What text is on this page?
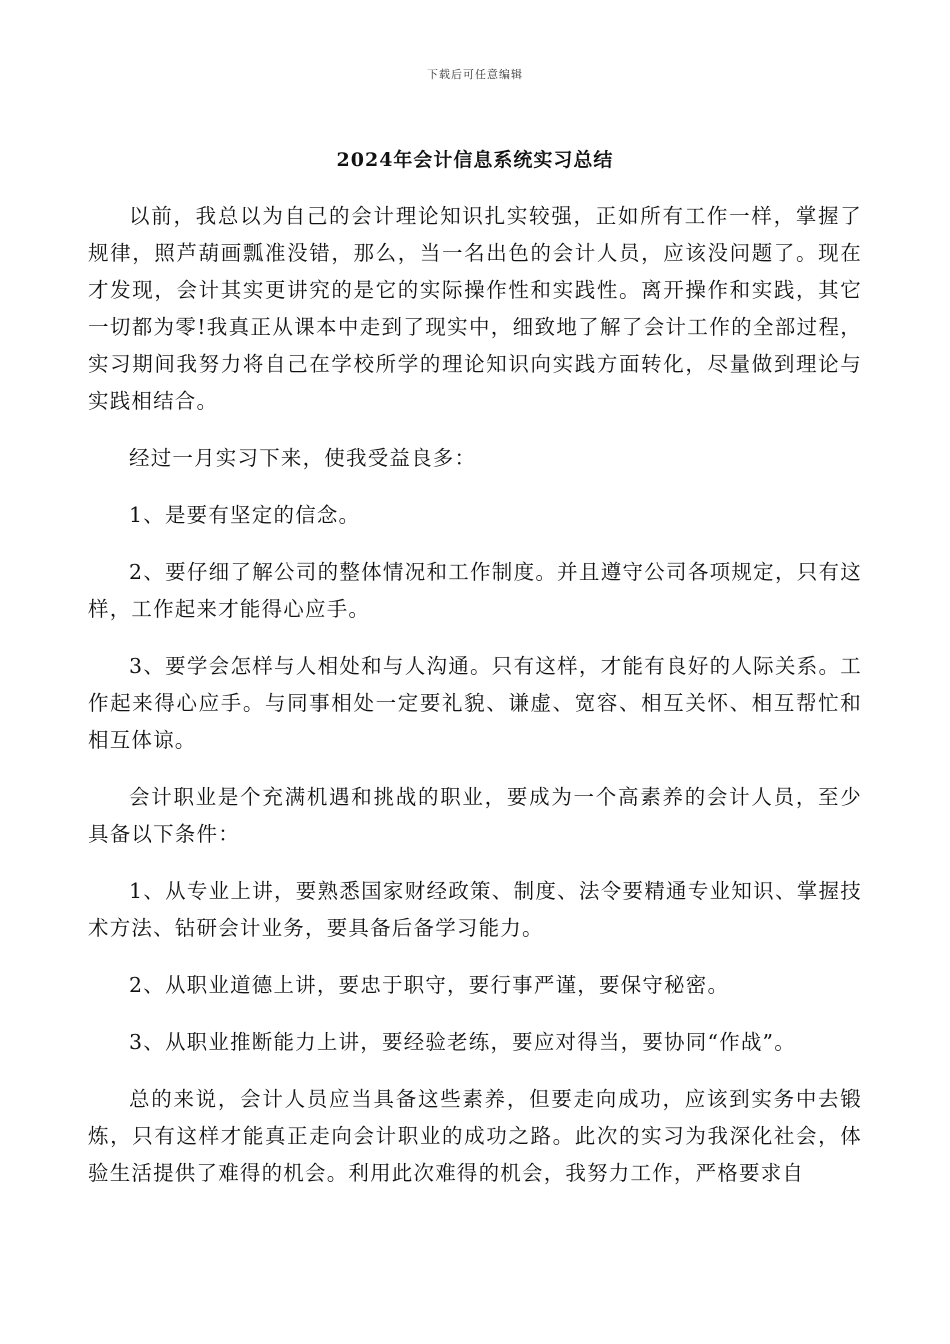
下载后可任意编辑
2024年会计信息系统实习总结

以前，我总以为自己的会计理论知识扎实较强，正如所有工作一样，掌握了规律，照芦葫画瓢准没错，那么，当一名出色的会计人员，应该没问题了。现在才发现，会计其实更讲究的是它的实际操作性和实践性。离开操作和实践，其它一切都为零!我真正从课本中走到了现实中，细致地了解了会计工作的全部过程，实习期间我努力将自己在学校所学的理论知识向实践方面转化，尽量做到理论与实践相结合。

经过一月实习下来，使我受益良多：

1、是要有坚定的信念。

2、要仔细了解公司的整体情况和工作制度。并且遵守公司各项规定，只有这样，工作起来才能得心应手。

3、要学会怎样与人相处和与人沟通。只有这样，才能有良好的人际关系。工作起来得心应手。与同事相处一定要礼貌、谦虚、宽容、相互关怀、相互帮忙和相互体谅。

会计职业是个充满机遇和挑战的职业，要成为一个高素养的会计人员，至少具备以下条件：

1、从专业上讲，要熟悉国家财经政策、制度、法令要精通专业知识、掌握技术方法、钻研会计业务，要具备后备学习能力。

2、从职业道德上讲，要忠于职守，要行事严谨，要保守秘密。

3、从职业推断能力上讲，要经验老练，要应对得当，要协同“作战”。

总的来说，会计人员应当具备这些素养，但要走向成功，应该到实务中去锻炼，只有这样才能真正走向会计职业的成功之路。此次的实习为我深化社会，体验生活提供了难得的机会。利用此次难得的机会，我努力工作，严格要求自
